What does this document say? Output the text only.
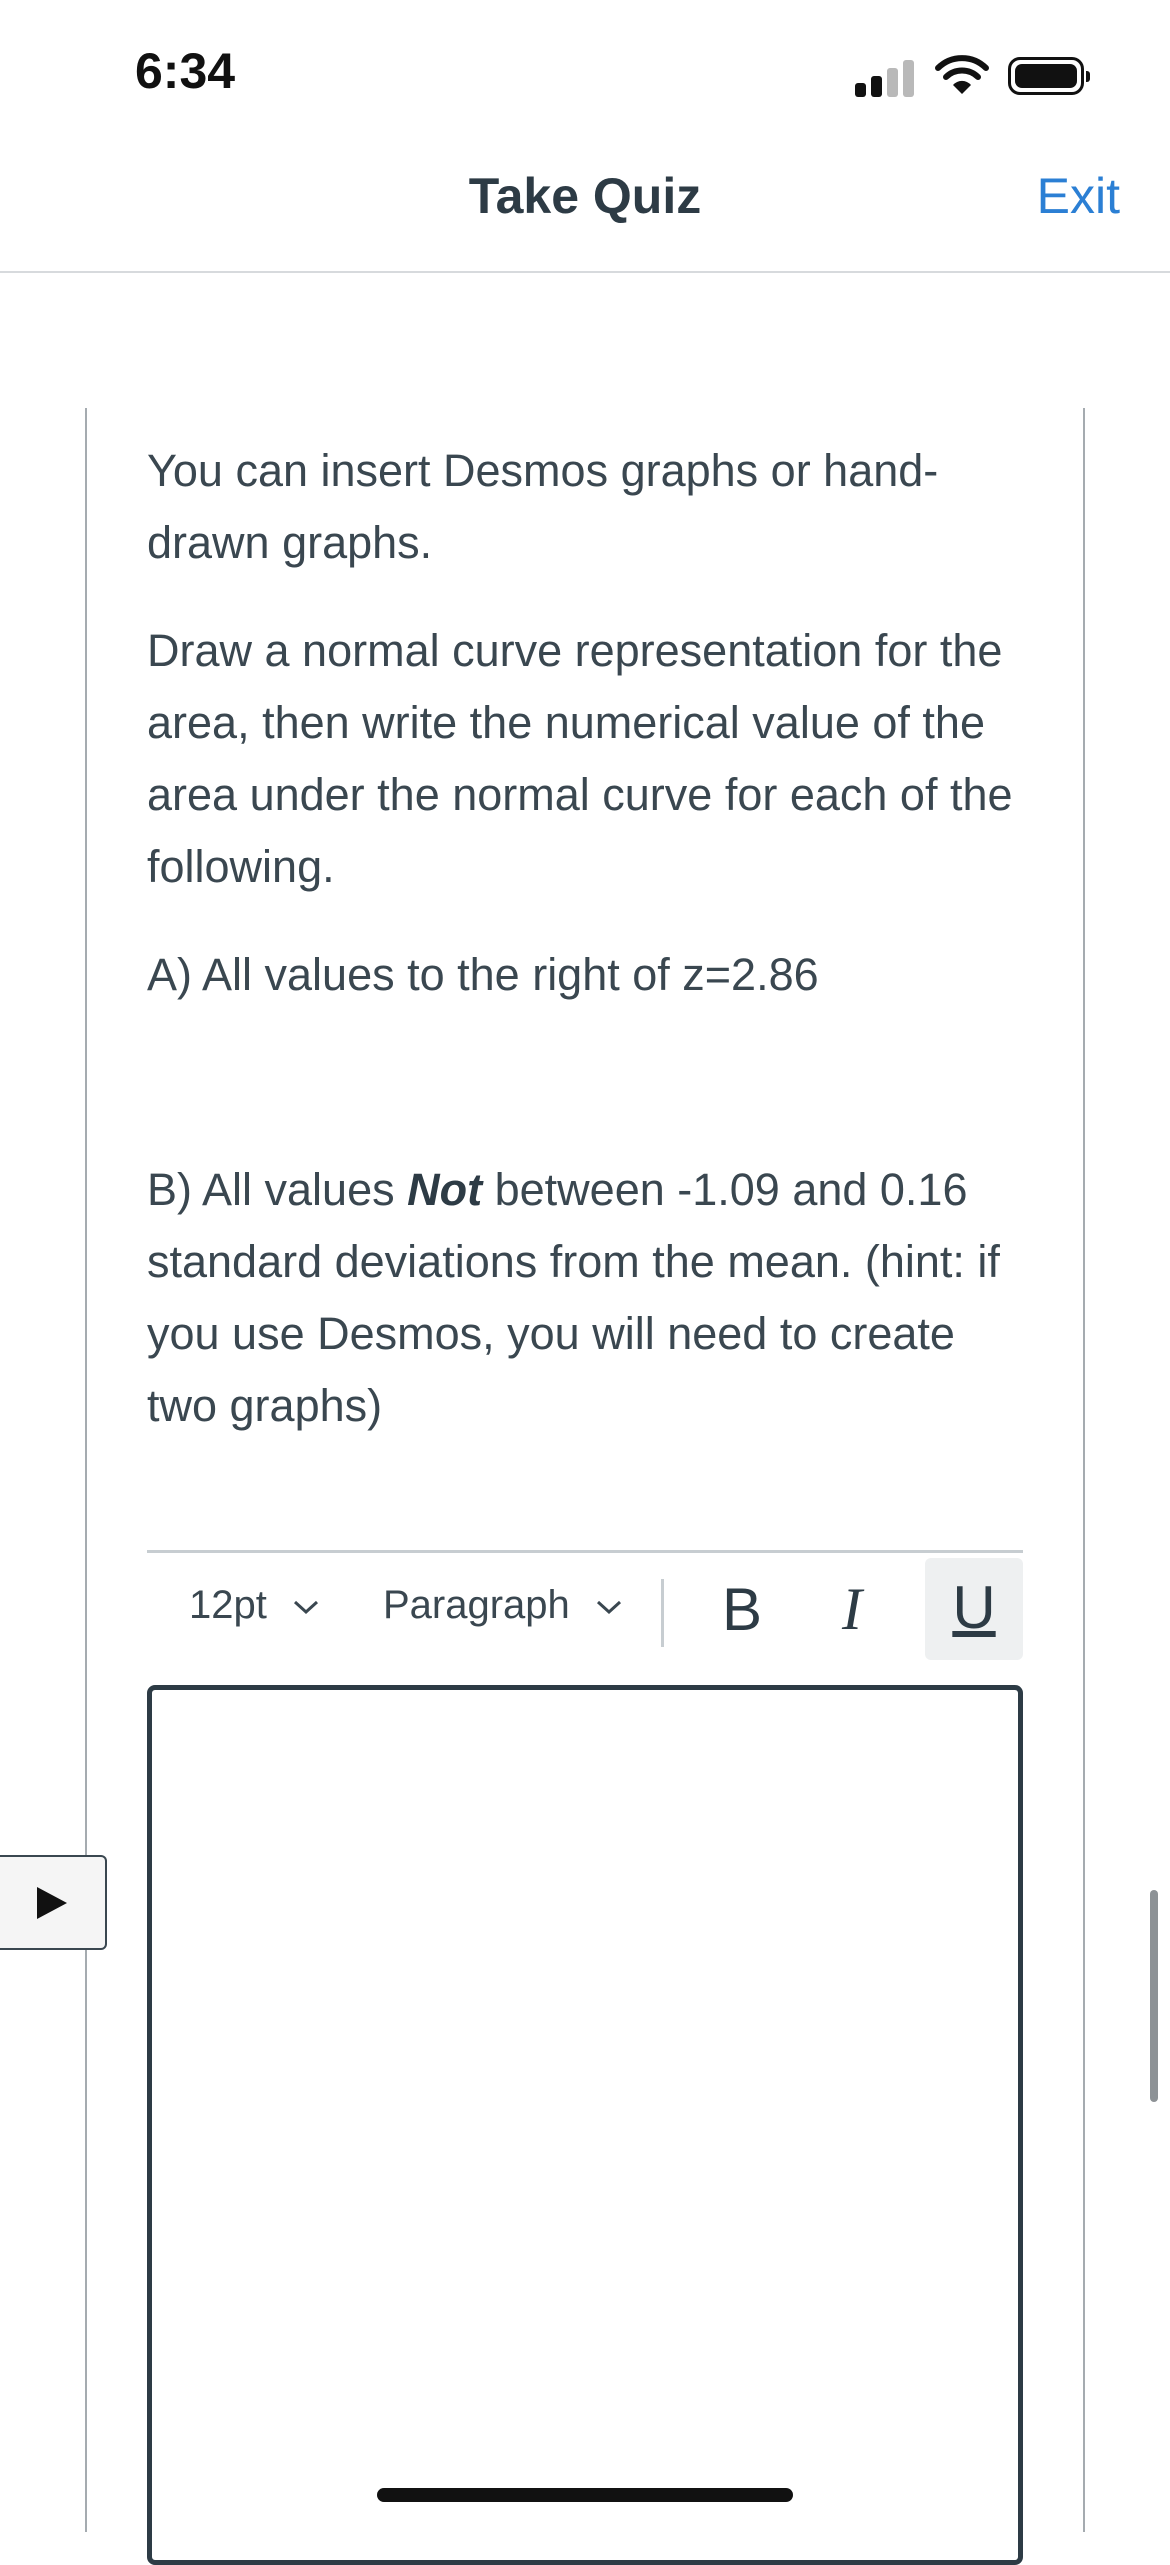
6:34
Take Quiz	Exit

You can insert Desmos graphs or hand-drawn graphs.

Draw a normal curve representation for the area, then write the numerical value of the area under the normal curve for each of the following.

A) All values to the right of z=2.86

B) All values Not between -1.09 and 0.16 standard deviations from the mean. (hint: if you use Desmos, you will need to create two graphs)

12pt	Paragraph	B I	U
